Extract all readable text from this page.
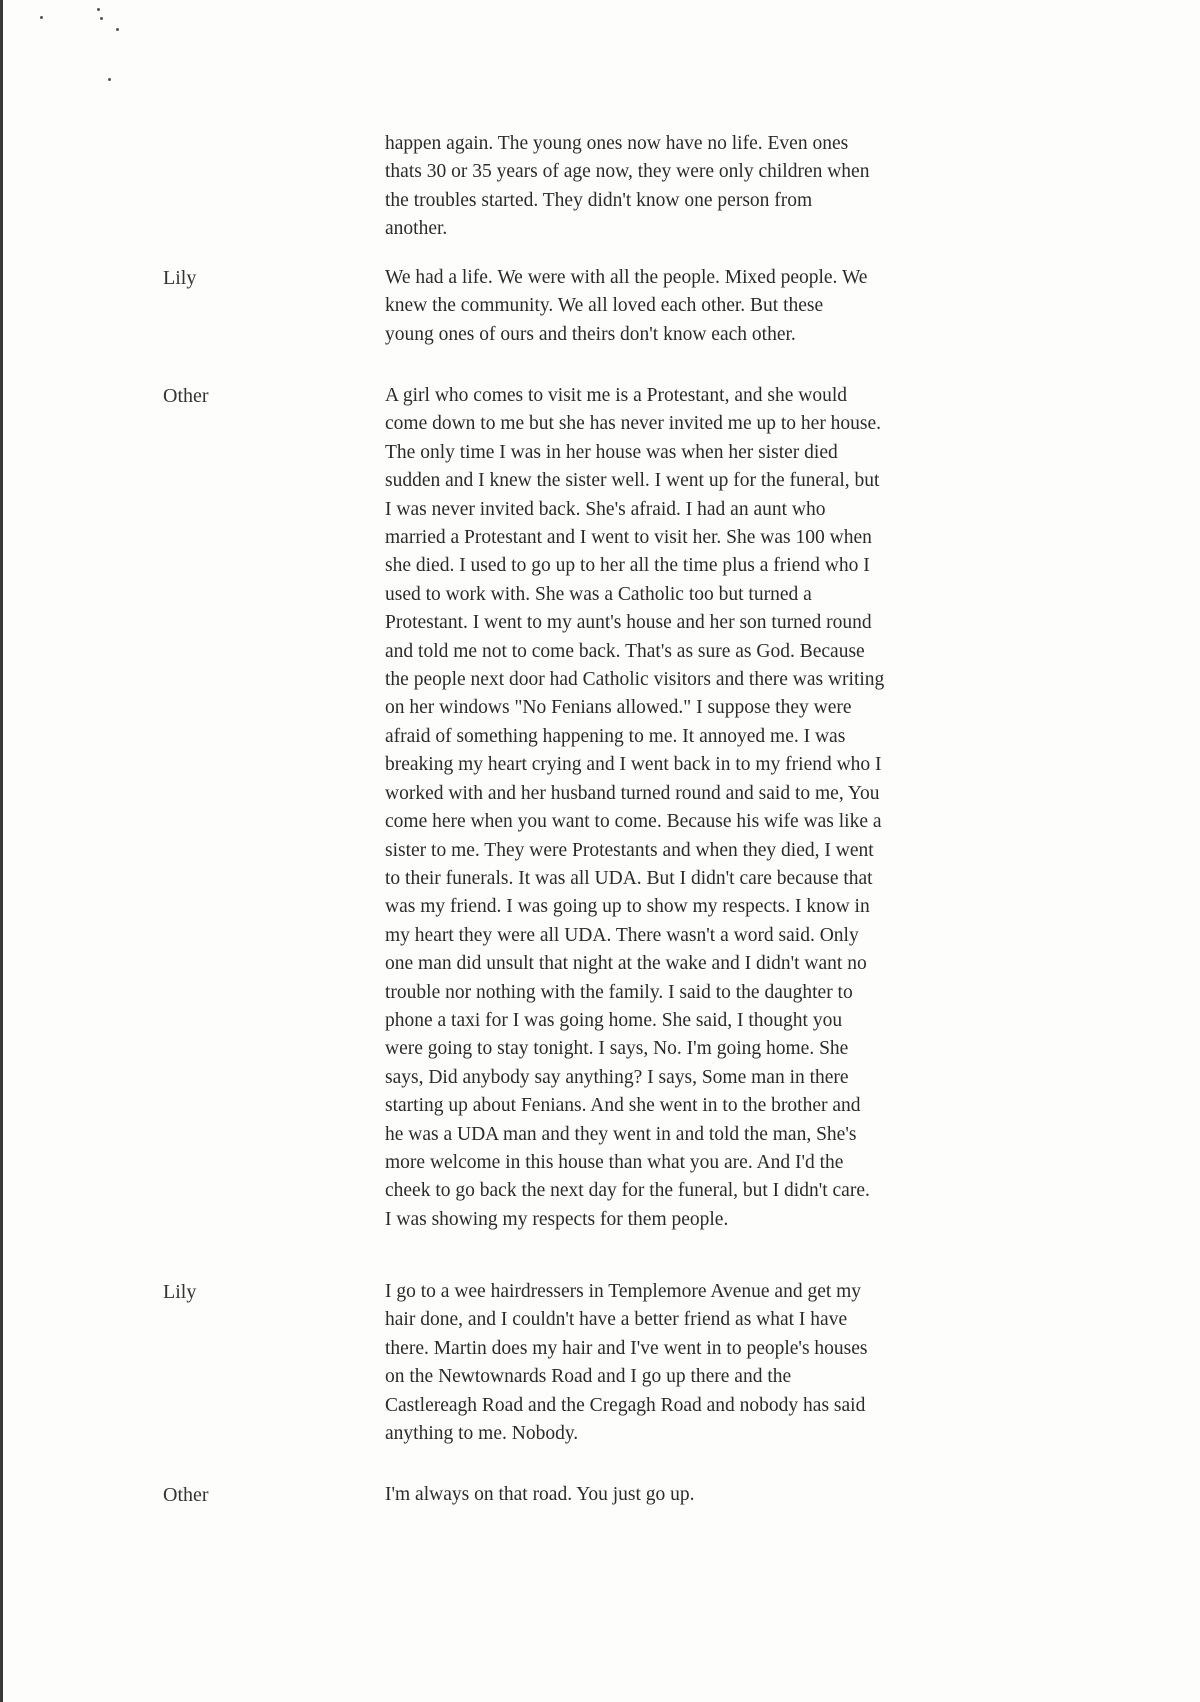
happen again. The young ones now have no life. Even ones
thats 30 or 35 years of age now, they were only children when
the troubles started. They didn't know one person from
another.
Lily	We had a life. We were with all the people. Mixed people. We
knew the community. We all loved each other. But these
young ones of ours and theirs don't know each other.
Other	A girl who comes to visit me is a Protestant, and she would
come down to me but she has never invited me up to her house.
The only time I was in her house was when her sister died
sudden and I knew the sister well. I went up for the funeral, but
I was never invited back. She's afraid. I had an aunt who
married a Protestant and I went to visit her. She was 100 when
she died. I used to go up to her all the time plus a friend who I
used to work with. She was a Catholic too but turned a
Protestant. I went to my aunt's house and her son turned round
and told me not to come back. That's as sure as God. Because
the people next door had Catholic visitors and there was writing
on her windows "No Fenians allowed." I suppose they were
afraid of something happening to me. It annoyed me. I was
breaking my heart crying and I went back in to my friend who I
worked with and her husband turned round and said to me, You
come here when you want to come. Because his wife was like a
sister to me. They were Protestants and when they died, I went
to their funerals. It was all UDA. But I didn't care because that
was my friend. I was going up to show my respects. I know in
my heart they were all UDA. There wasn't a word said. Only
one man did unsult that night at the wake and I didn't want no
trouble nor nothing with the family. I said to the daughter to
phone a taxi for I was going home. She said, I thought you
were going to stay tonight. I says, No. I'm going home. She
says, Did anybody say anything? I says, Some man in there
starting up about Fenians. And she went in to the brother and
he was a UDA man and they went in and told the man, She's
more welcome in this house than what you are. And I'd the
cheek to go back the next day for the funeral, but I didn't care.
I was showing my respects for them people.
Lily	I go to a wee hairdressers in Templemore Avenue and get my
hair done, and I couldn't have a better friend as what I have
there. Martin does my hair and I've went in to people's houses
on the Newtownards Road and I go up there and the
Castlereagh Road and the Cregagh Road and nobody has said
anything to me. Nobody.
Other	I'm always on that road. You just go up.
